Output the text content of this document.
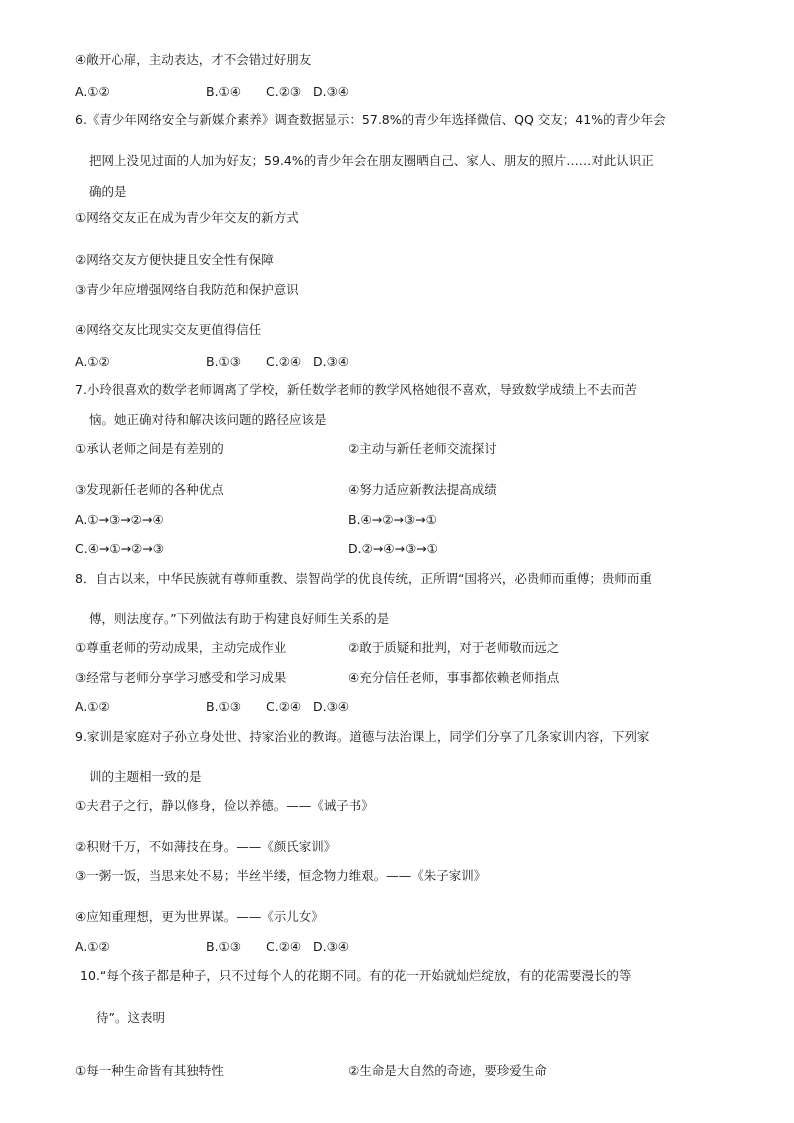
④敞开心扉，主动表达，才不会错过好朋友
A.①②	B.①④ C.②③ D.③④
6.《青少年网络安全与新媒介素养》调查数据显示：57.8%的青少年选择微信、QQ 交友；41%的青少年会
把网上没见过面的人加为好友；59.4%的青少年会在朋友圈晒自己、家人、朋友的照片……对此认识正
确的是
①网络交友正在成为青少年交友的新方式
②网络交友方便快捷且安全性有保障
③青少年应增强网络自我防范和保护意识
④网络交友比现实交友更值得信任
A.①②	B.①③ C.②④ D.③④
7.小玲很喜欢的数学老师调离了学校，新任数学老师的教学风格她很不喜欢，导致数学成绩上不去而苦
恼。她正确对待和解决该问题的路径应该是
①承认老师之间是有差别的	②主动与新任老师交流探讨
③发现新任老师的各种优点	④努力适应新教法提高成绩
A.①→③→②→④	B.④→②→③→①
C.④→①→②→③	D.②→④→③→①
8．自古以来，中华民族就有尊师重教、崇智尚学的优良传统，正所谓“国将兴，必贵师而重傅；贵师而重
傅，则法度存。”下列做法有助于构建良好师生关系的是
①尊重老师的劳动成果，主动完成作业	②敢于质疑和批判，对于老师敬而远之
③经常与老师分享学习感受和学习成果	④充分信任老师，事事都依赖老师指点
A.①②	B.①③ C.②④ D.③④
9.家训是家庭对子孙立身处世、持家治业的教诲。道德与法治课上，同学们分享了几条家训内容，下列家
训的主题相一致的是
①夫君子之行，静以修身，俭以养德。——《诫子书》
②积财千万，不如薄技在身。——《颜氏家训》
③一粥一饭，当思来处不易；半丝半缕，恒念物力维艰。——《朱子家训》
④应知重理想，更为世界谋。——《示儿女》
A.①②	B.①③ C.②④ D.③④
10.“每个孩子都是种子，只不过每个人的花期不同。有的花一开始就灿烂绽放，有的花需要漫长的等
待”。这表明
①每一种生命皆有其独特性	②生命是大自然的奇迹，要珍爱生命
